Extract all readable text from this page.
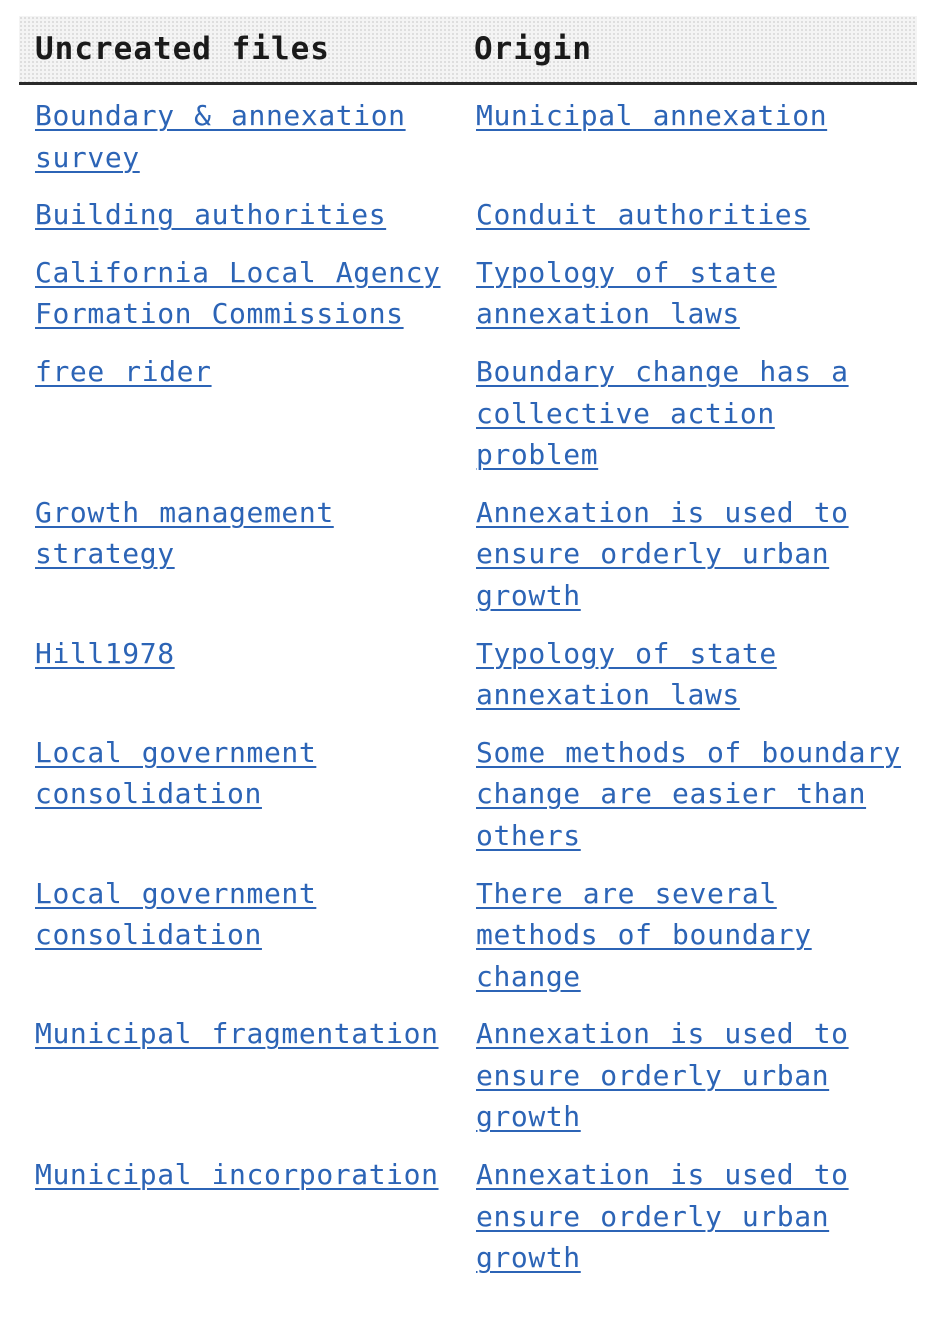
Uncreated files	Origin
Boundary & annexation survey	Municipal annexation
Building authorities	Conduit authorities
California Local Agency Formation Commissions	Typology of state annexation laws
free rider	Boundary change has a collective action problem
Growth management strategy	Annexation is used to ensure orderly urban growth
Hill1978	Typology of state annexation laws
Local government consolidation	Some methods of boundary change are easier than others
Local government consolidation	There are several methods of boundary change
Municipal fragmentation	Annexation is used to ensure orderly urban growth
Municipal incorporation	Annexation is used to ensure orderly urban growth
